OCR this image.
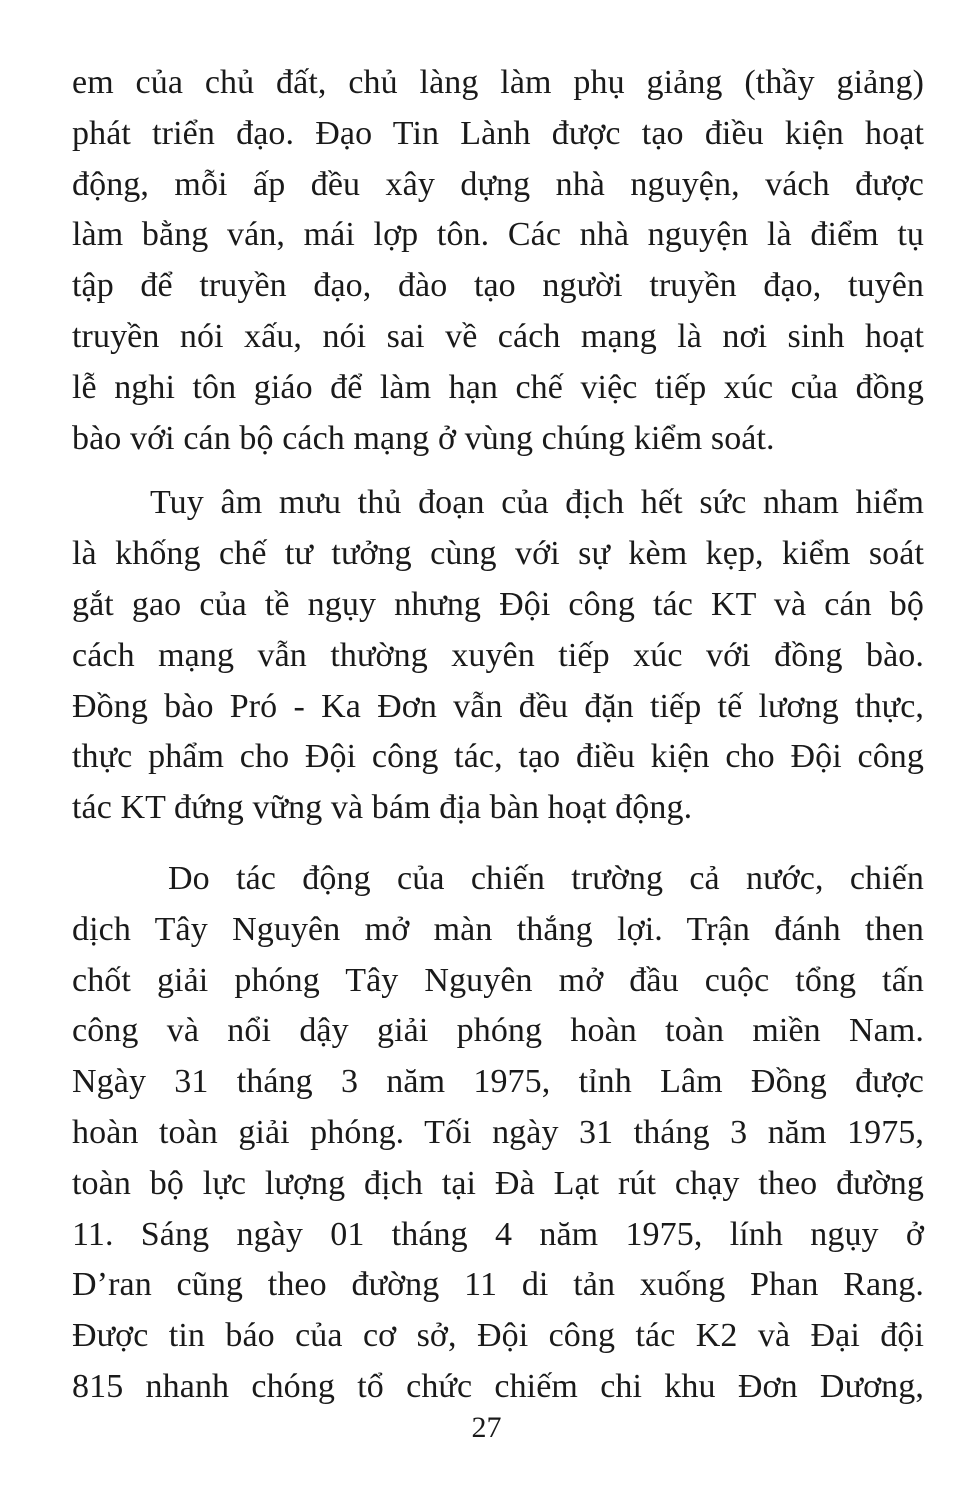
em của chủ đất, chủ làng làm phụ giảng (thầy giảng)
phát triển đạo. Đạo Tin Lành được tạo điều kiện hoạt
động, mỗi ấp đều xây dựng nhà nguyện, vách được
làm bằng ván, mái lợp tôn. Các nhà nguyện là điểm tụ
tập để truyền đạo, đào tạo người truyền đạo, tuyên
truyền nói xấu, nói sai về cách mạng là nơi sinh hoạt
lễ nghi tôn giáo để làm hạn chế việc tiếp xúc của đồng
bào với cán bộ cách mạng ở vùng chúng kiểm soát.

Tuy âm mưu thủ đoạn của địch hết sức nham hiểm
là khống chế tư tưởng cùng với sự kèm kẹp, kiểm soát
gắt gao của tề ngụy nhưng Đội công tác KT và cán bộ
cách mạng vẫn thường xuyên tiếp xúc với đồng bào.
Đồng bào Pró - Ka Đơn vẫn đều đặn tiếp tế lương thực,
thực phẩm cho Đội công tác, tạo điều kiện cho Đội công
tác KT đứng vững và bám địa bàn hoạt động.

Do tác động của chiến trường cả nước, chiến
dịch Tây Nguyên mở màn thắng lợi. Trận đánh then
chốt giải phóng Tây Nguyên mở đầu cuộc tổng tấn
công và nổi dậy giải phóng hoàn toàn miền Nam.
Ngày 31 tháng 3 năm 1975, tỉnh Lâm Đồng được
hoàn toàn giải phóng. Tối ngày 31 tháng 3 năm 1975,
toàn bộ lực lượng địch tại Đà Lạt rút chạy theo đường
11. Sáng ngày 01 tháng 4 năm 1975, lính ngụy ở
D’ran cũng theo đường 11 di tản xuống Phan Rang.
Được tin báo của cơ sở, Đội công tác K2 và Đại đội
815 nhanh chóng tổ chức chiếm chi khu Đơn Dương,

27
